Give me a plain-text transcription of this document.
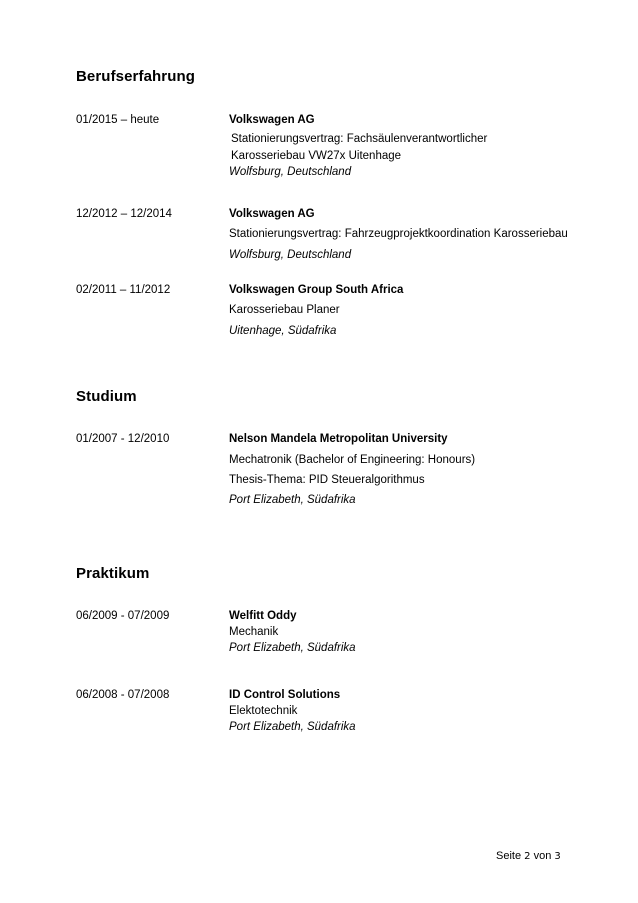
Berufserfahrung
01/2015 – heute	Volkswagen AG
Stationierungsvertrag: Fachsäulenverantwortlicher
Karosseriebau VW27x Uitenhage
Wolfsburg, Deutschland
12/2012 – 12/2014	Volkswagen AG
Stationierungsvertrag: Fahrzeugprojektkoordination Karosseriebau
Wolfsburg, Deutschland
02/2011 – 11/2012	Volkswagen Group South Africa
Karosseriebau Planer
Uitenhage, Südafrika
Studium
01/2007 - 12/2010	Nelson Mandela Metropolitan University
Mechatronik (Bachelor of Engineering: Honours)
Thesis-Thema: PID Steueralgorithmus
Port Elizabeth, Südafrika
Praktikum
06/2009 - 07/2009	Welfitt Oddy
Mechanik
Port Elizabeth, Südafrika
06/2008 - 07/2008	ID Control Solutions
Elektotechnik
Port Elizabeth, Südafrika
Seite 2 von 3
